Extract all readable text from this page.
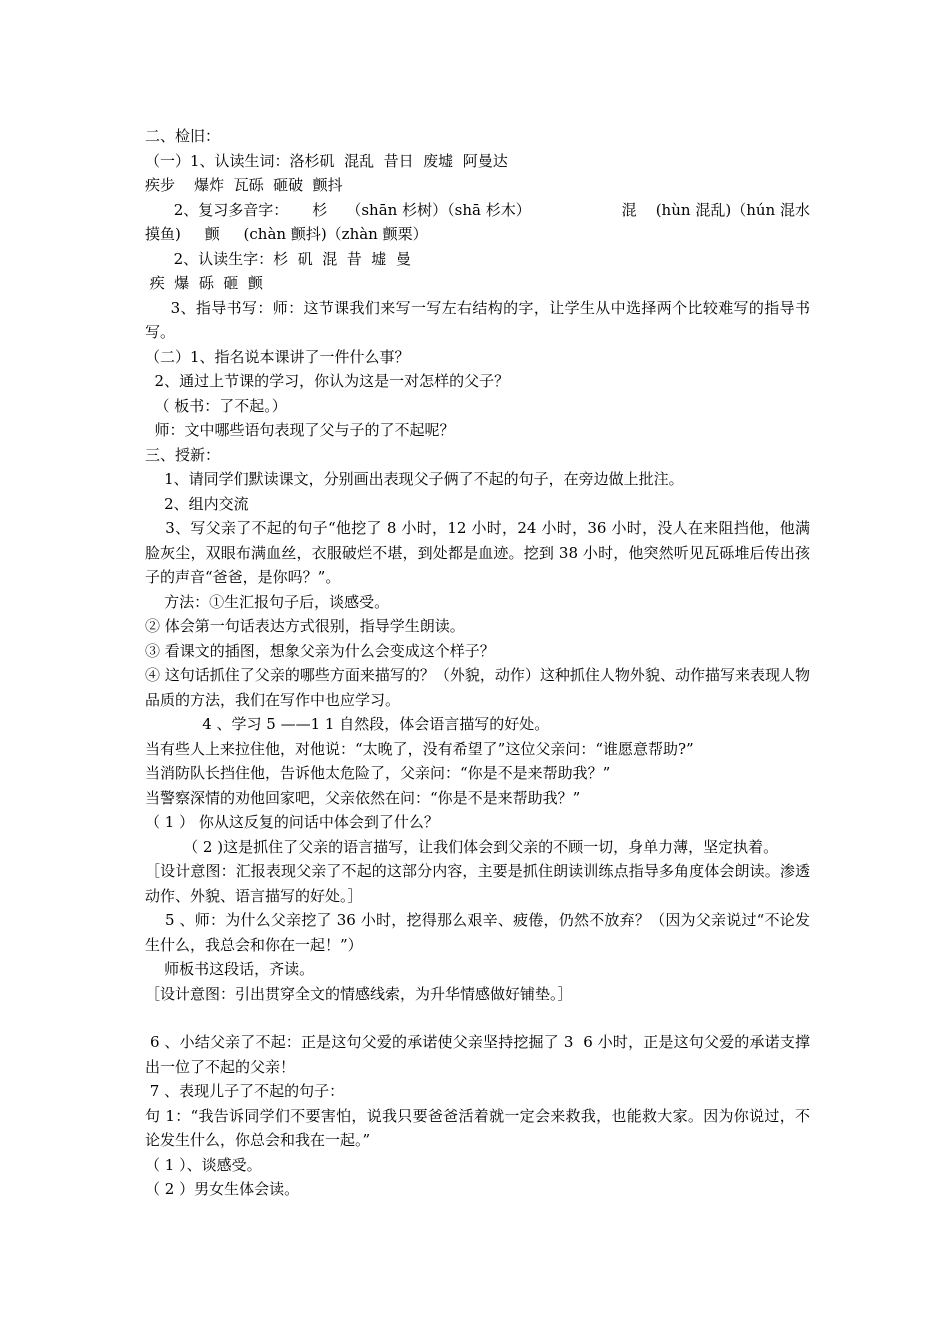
二、检旧：
（一）1、认读生词：洛杉矶  混乱  昔日  废墟  阿曼达
疾步    爆炸  瓦砾  砸破  颤抖
2、复习多音字：     杉    （shān 杉树）（shā 杉木）                   混    (hùn 混乱)（hún 混水摸鱼)     颤     (chàn 颤抖)（zhàn 颤栗）
2、认读生字：杉  矶  混  昔  墟  曼
疾  爆  砾  砸  颤
3、指导书写：师：这节课我们来写一写左右结构的字，让学生从中选择两个比较难写的指导书写。
（二）1、指名说本课讲了一件什么事？
2、通过上节课的学习，你认为这是一对怎样的父子？
（ 板书：了不起。）
师：文中哪些语句表现了父与子的了不起呢？
三、授新：
1、请同学们默读课文，分别画出表现父子俩了不起的句子，在旁边做上批注。
2、组内交流
3、写父亲了不起的句子“他挖了 8 小时，12 小时，24 小时，36 小时，没人在来阻挡他，他满脸灰尘，双眼布满血丝，衣服破烂不堪，到处都是血迹。挖到 38 小时，他突然听见瓦砾堆后传出孩子的声音“爸爸，是你吗？”。
方法：①生汇报句子后，谈感受。
② 体会第一句话表达方式很别，指导学生朗读。
③ 看课文的插图，想象父亲为什么会变成这个样子？
④ 这句话抓住了父亲的哪些方面来描写的？（外貌，动作）这种抓住人物外貌、动作描写来表现人物品质的方法，我们在写作中也应学习。
4 、学习 5 ——1 1 自然段，体会语言描写的好处。
当有些人上来拉住他，对他说：“太晚了，没有希望了”这位父亲问：“谁愿意帮助?”
当消防队长挡住他，告诉他太危险了，父亲问：“你是不是来帮助我？”
当警察深情的劝他回家吧，父亲依然在问：“你是不是来帮助我？”
（ 1 ） 你从这反复的问话中体会到了什么？
（ 2 )这是抓住了父亲的语言描写，让我们体会到父亲的不顾一切，身单力薄，坚定执着。
［设计意图：汇报表现父亲了不起的这部分内容，主要是抓住朗读训练点指导多角度体会朗读。渗透动作、外貌、语言描写的好处。］
5 、师：为什么父亲挖了 36 小时，挖得那么艰辛、疲倦，仍然不放弃？（因为父亲说过“不论发生什么，我总会和你在一起！”）
师板书这段话，齐读。
［设计意图：引出贯穿全文的情感线索，为升华情感做好铺垫。］
6 、小结父亲了不起：正是这句父爱的承诺使父亲坚持挖掘了 3  6 小时，正是这句父爱的承诺支撑出一位了不起的父亲！
7 、表现儿子了不起的句子：
句 1：“我告诉同学们不要害怕，说我只要爸爸活着就一定会来救我，也能救大家。因为你说过，不论发生什么，你总会和我在一起。”
（ 1 ）、谈感受。
（ 2 ）男女生体会读。
